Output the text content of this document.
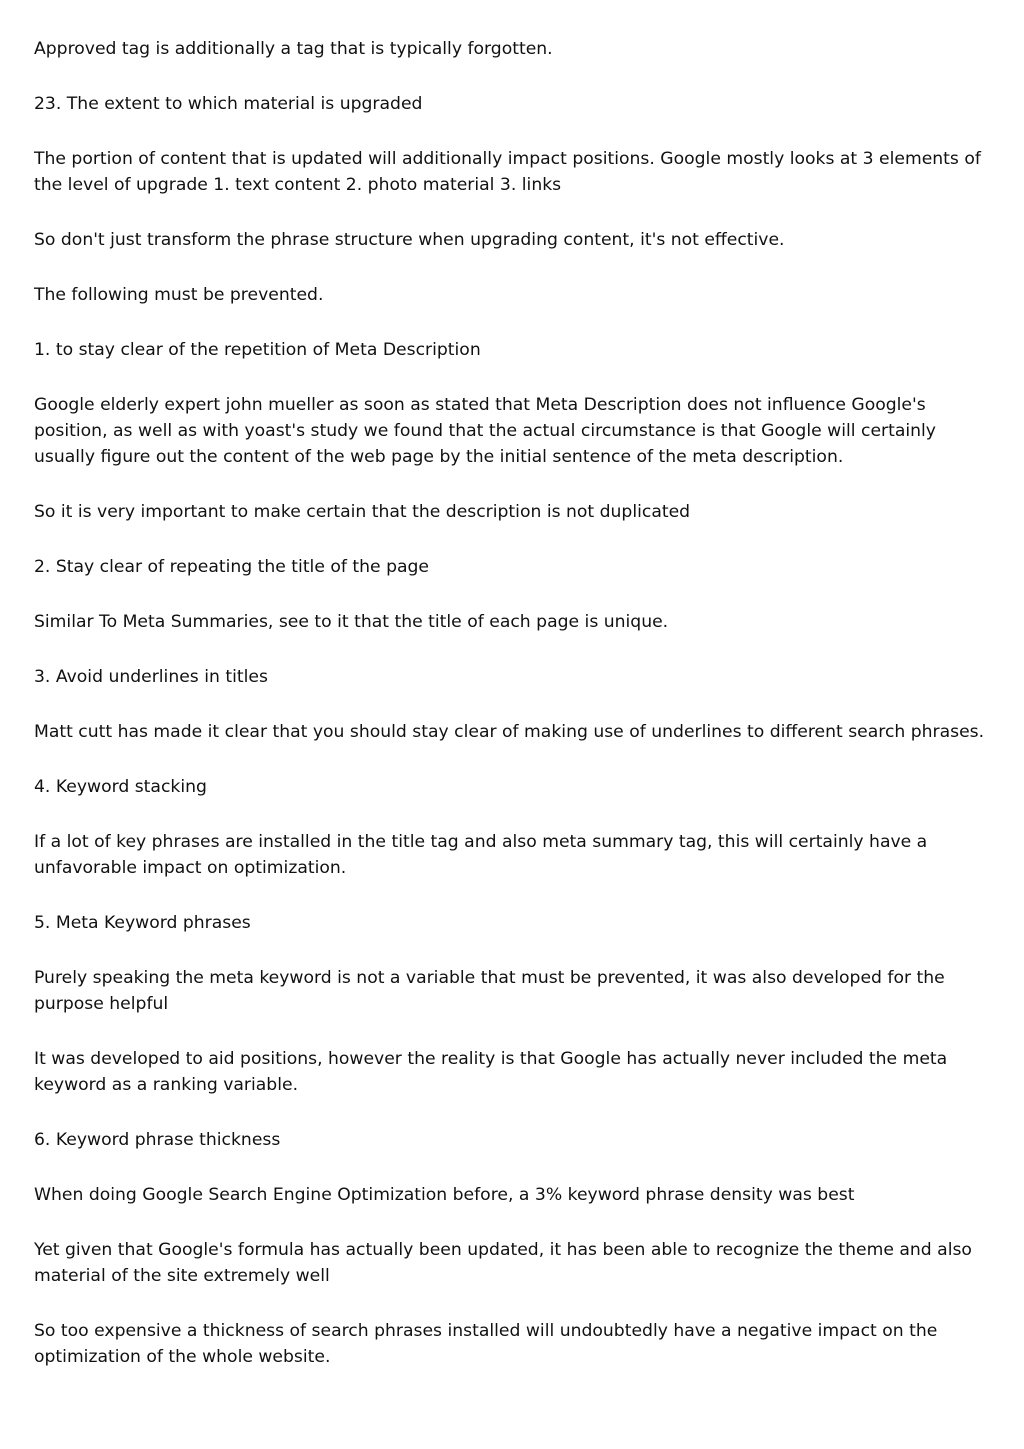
Approved tag is additionally a tag that is typically forgotten.

23. The extent to which material is upgraded

The portion of content that is updated will additionally impact positions. Google mostly looks at 3 elements of the level of upgrade 1. text content 2. photo material 3. links

So don't just transform the phrase structure when upgrading content, it's not effective.

The following must be prevented.

1. to stay clear of the repetition of Meta Description

Google elderly expert john mueller as soon as stated that Meta Description does not influence Google's position, as well as with yoast's study we found that the actual circumstance is that Google will certainly usually figure out the content of the web page by the initial sentence of the meta description.

So it is very important to make certain that the description is not duplicated

2. Stay clear of repeating the title of the page

Similar To Meta Summaries, see to it that the title of each page is unique.

3. Avoid underlines in titles

Matt cutt has made it clear that you should stay clear of making use of underlines to different search phrases.

4. Keyword stacking

If a lot of key phrases are installed in the title tag and also meta summary tag, this will certainly have a unfavorable impact on optimization.

5. Meta Keyword phrases

Purely speaking the meta keyword is not a variable that must be prevented, it was also developed for the purpose helpful

It was developed to aid positions, however the reality is that Google has actually never included the meta keyword as a ranking variable.

6. Keyword phrase thickness

When doing Google Search Engine Optimization before, a 3% keyword phrase density was best

Yet given that Google's formula has actually been updated, it has been able to recognize the theme and also material of the site extremely well

So too expensive a thickness of search phrases installed will undoubtedly have a negative impact on the optimization of the whole website.
